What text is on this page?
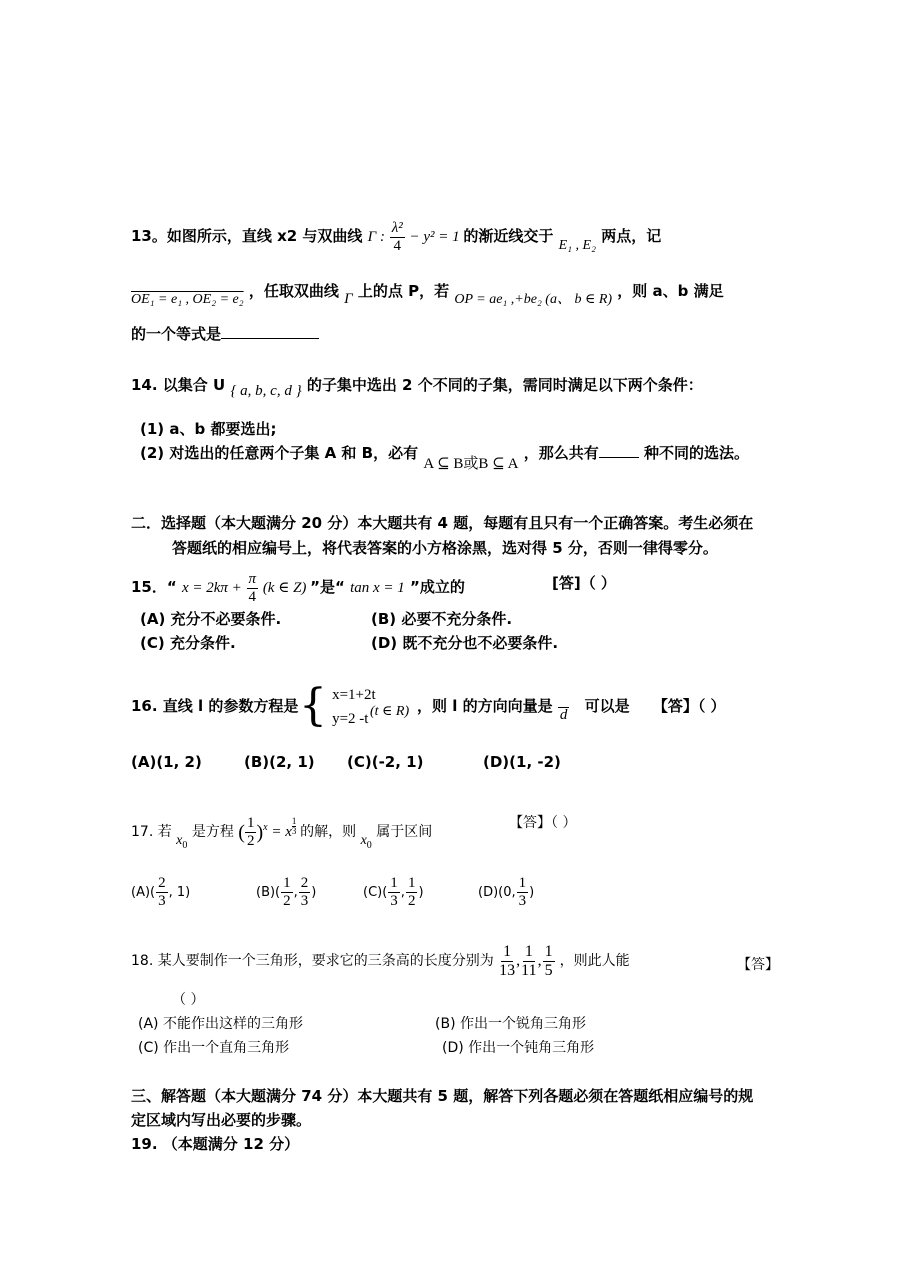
13。如图所示，直线 x2 与双曲线 Γ : $\frac{\text{λ²}}{4} - y^2 = 1$ 的渐近线交于 E₁ , E₂ 两点，记
OE₁ = e₁ , OE₂ = e₂ ，任取双曲线 Γ 上的点 P，若 OP = ae₁ ,+be₂ (a、 b ∈ R) ，则 a、b 满足
的一个等式是
14. 以集合 U { a, b, c, d } 的子集中选出 2 个不同的子集，需同时满足以下两个条件：
(1) a、b 都要选出;
(2) 对选出的任意两个子集 A 和 B，必有 A ⊆ B或B ⊆ A ，那么共有	种不同的选法。
二．选择题（本大题满分 20 分）本大题共有 4 题，每题有且只有一个正确答案。考生必须在
答题纸的相应编号上，将代表答案的小方格涂黑，选对得 5 分，否则一律得零分。
15．“ $x = 2k\pi + \frac{\pi}{4} (k$ ∈ Z) ”是“ tan x = 1 ”成立的	[答]（ ）
(A) 充分不必要条件.	(B) 必要不充分条件.
(C) 充分条件.	(D) 既不充分也不必要条件.
16. 直线 l 的参数方程是 { x=1+2t
y=2 -t (t ∈ R) ，则 l 的方向向量是 d 可以是 【答】（ ）
(A)(1, 2)	(B)(2, 1) (C)(-2, 1)	(D)(1, -2)
17. 若 $x_0$ 是方程 ( $\frac{1}{2} )^x = x$ $^{\frac{1}{3}}$ 的解，则 $x_0$ 属于区间
【答】（ ）
$(A)( \frac{2}{3}$ , 1)	$(B)( \frac{1}{2}$ , $\frac{2}{3}$ )	$(C)( \frac{1}{3}$ , $\frac{1}{2}$ )	(D)(0, $\frac{1}{3}$ )
18. 某人要制作一个三角形，要求它的三条高的长度分别为 $\frac{1}{13}$ , $\frac{1}{11}$ , $\frac{1}{5}$ ，则此人能	【答】
（ ）
(A) 不能作出这样的三角形	(B) 作出一个锐角三角形
(C) 作出一个直角三角形	(D) 作出一个钝角三角形
三、解答题（本大题满分 74 分）本大题共有 5 题，解答下列各题必须在答题纸相应编号的规
定区域内写出必要的步骤。
19. （本题满分 12 分）
